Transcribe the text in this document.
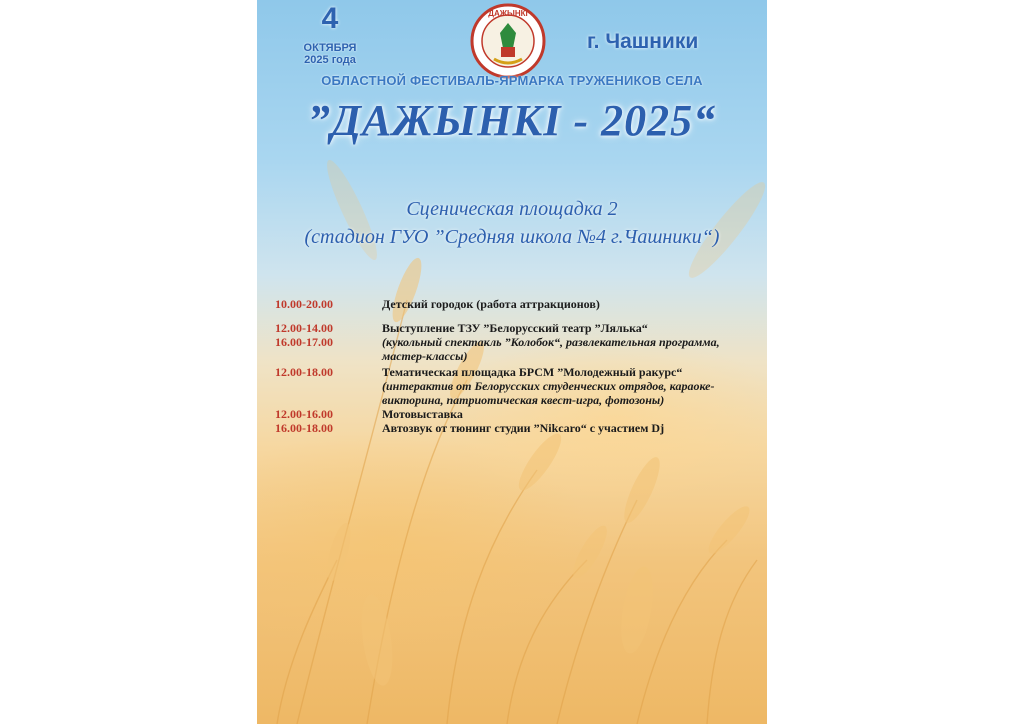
4
ОКТЯБРЯ
2025 года
ДАЖЫНКІ
г. Чашники
ОБЛАСТНОЙ ФЕСТИВАЛЬ-ЯРМАРКА ТРУЖЕНИКОВ СЕЛА
”ДАЖЫНКІ - 2025“
Сценическая площадка 2
(стадион ГУО ”Средняя школа №4 г.Чашники“)
10.00-20.00	Детский городок (работа аттракционов)
12.00-14.00	Выступление ТЗУ ”Белорусский театр ”Лялька“
16.00-17.00	(кукольный спектакль ”Колобок“, развлекательная программа, мастер-классы)
12.00-18.00	Тематическая площадка БРСМ ”Молодежный ракурс“
(интерактив от Белорусских студенческих отрядов, караоке-викторина, патриотическая квест-игра, фотозоны)
12.00-16.00	Мотовыставка
16.00-18.00	Автозвук от тюнинг студии ”Nikcaro“ с участием Dj
